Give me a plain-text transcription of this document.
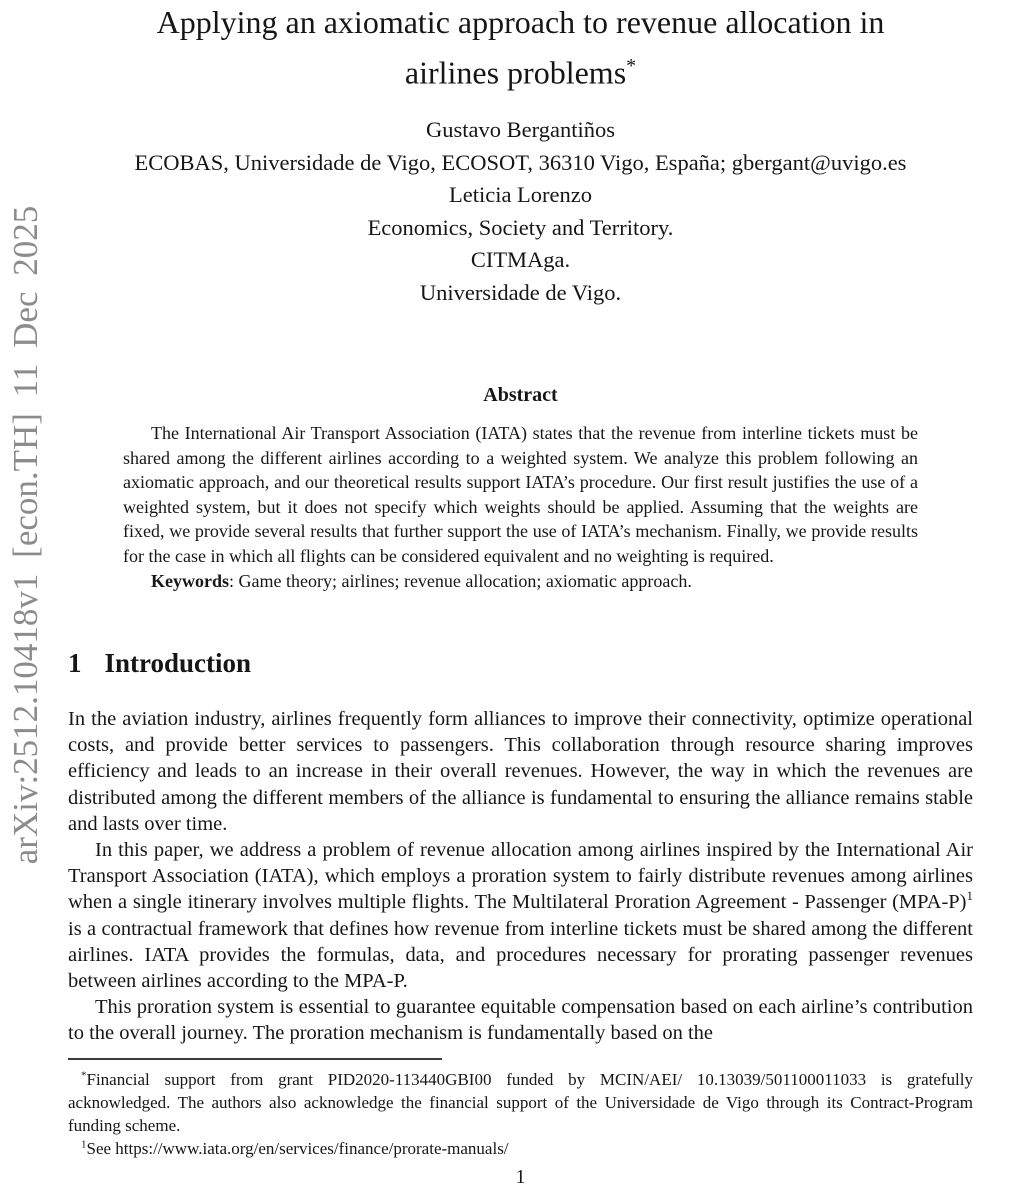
arXiv:2512.10418v1 [econ.TH] 11 Dec 2025
Applying an axiomatic approach to revenue allocation in
airlines problems*
Gustavo Bergantiños
ECOBAS, Universidade de Vigo, ECOSOT, 36310 Vigo, España; gbergant@uvigo.es
Leticia Lorenzo
Economics, Society and Territory.
CITMAga.
Universidade de Vigo.
Abstract

The International Air Transport Association (IATA) states that the revenue from interline tickets must be shared among the different airlines according to a weighted system. We analyze this problem following an axiomatic approach, and our theoretical results support IATA’s procedure. Our first result justifies the use of a weighted system, but it does not specify which weights should be applied. Assuming that the weights are fixed, we provide several results that further support the use of IATA’s mechanism. Finally, we provide results for the case in which all flights can be considered equivalent and no weighting is required.

Keywords: Game theory; airlines; revenue allocation; axiomatic approach.

1 Introduction

In the aviation industry, airlines frequently form alliances to improve their connectivity, optimize operational costs, and provide better services to passengers. This collaboration through resource sharing improves efficiency and leads to an increase in their overall revenues. However, the way in which the revenues are distributed among the different members of the alliance is fundamental to ensuring the alliance remains stable and lasts over time.

In this paper, we address a problem of revenue allocation among airlines inspired by the International Air Transport Association (IATA), which employs a proration system to fairly distribute revenues among airlines when a single itinerary involves multiple flights. The Multilateral Proration Agreement - Passenger $(MPA-P)^1$ is a contractual framework that defines how revenue from interline tickets must be shared among the different airlines. IATA provides the formulas, data, and procedures necessary for prorating passenger revenues between airlines according to the MPA-P.

This proration system is essential to guarantee equitable compensation based on each airline’s contribution to the overall journey. The proration mechanism is fundamentally based on the

*Financial support from grant PID2020-113440GBI00 funded by MCIN/AEI/ 10.13039/501100011033 is gratefully acknowledged. The authors also acknowledge the financial support of the Universidade de Vigo through its Contract-Program funding scheme.

$^1$See https://www.iata.org/en/services/finance/prorate-manuals/

1
